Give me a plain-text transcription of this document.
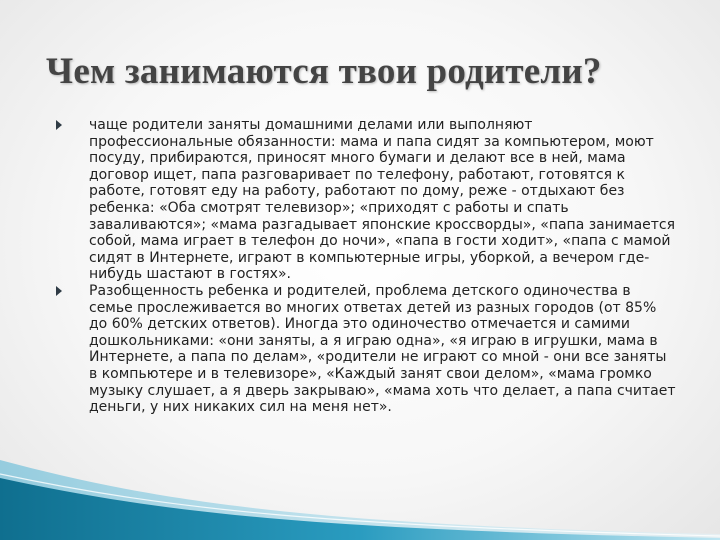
Чем занимаются твои родители?
чаще родители заняты домашними делами или выполняют профессиональные обязанности: мама и папа сидят за компьютером, моют посуду, прибираются, приносят много бумаги и делают все в ней, мама договор ищет, папа разговаривает по телефону, работают, готовятся к работе, готовят еду на работу, работают по дому, реже - отдыхают без ребенка: «Оба смотрят телевизор»; «приходят с работы и спать заваливаются»; «мама разгадывает японские кроссворды», «папа занимается собой, мама играет в телефон до ночи», «папа в гости ходит», «папа с мамой сидят в Интернете, играют в компьютерные игры, уборкой, а вечером где-нибудь шастают в гостях».
Разобщенность ребенка и родителей, проблема детского одиночества в семье прослеживается во многих ответах детей из разных городов (от 85% до 60% детских ответов). Иногда это одиночество отмечается и самими дошкольниками: «они заняты, а я играю одна», «я играю в игрушки, мама в Интернете, а папа по делам», «родители не играют со мной - они все заняты в компьютере и в телевизоре», «Каждый занят свои делом», «мама громко музыку слушает, а я дверь закрываю», «мама хоть что делает, а папа считает деньги, у них никаких сил на меня нет».
